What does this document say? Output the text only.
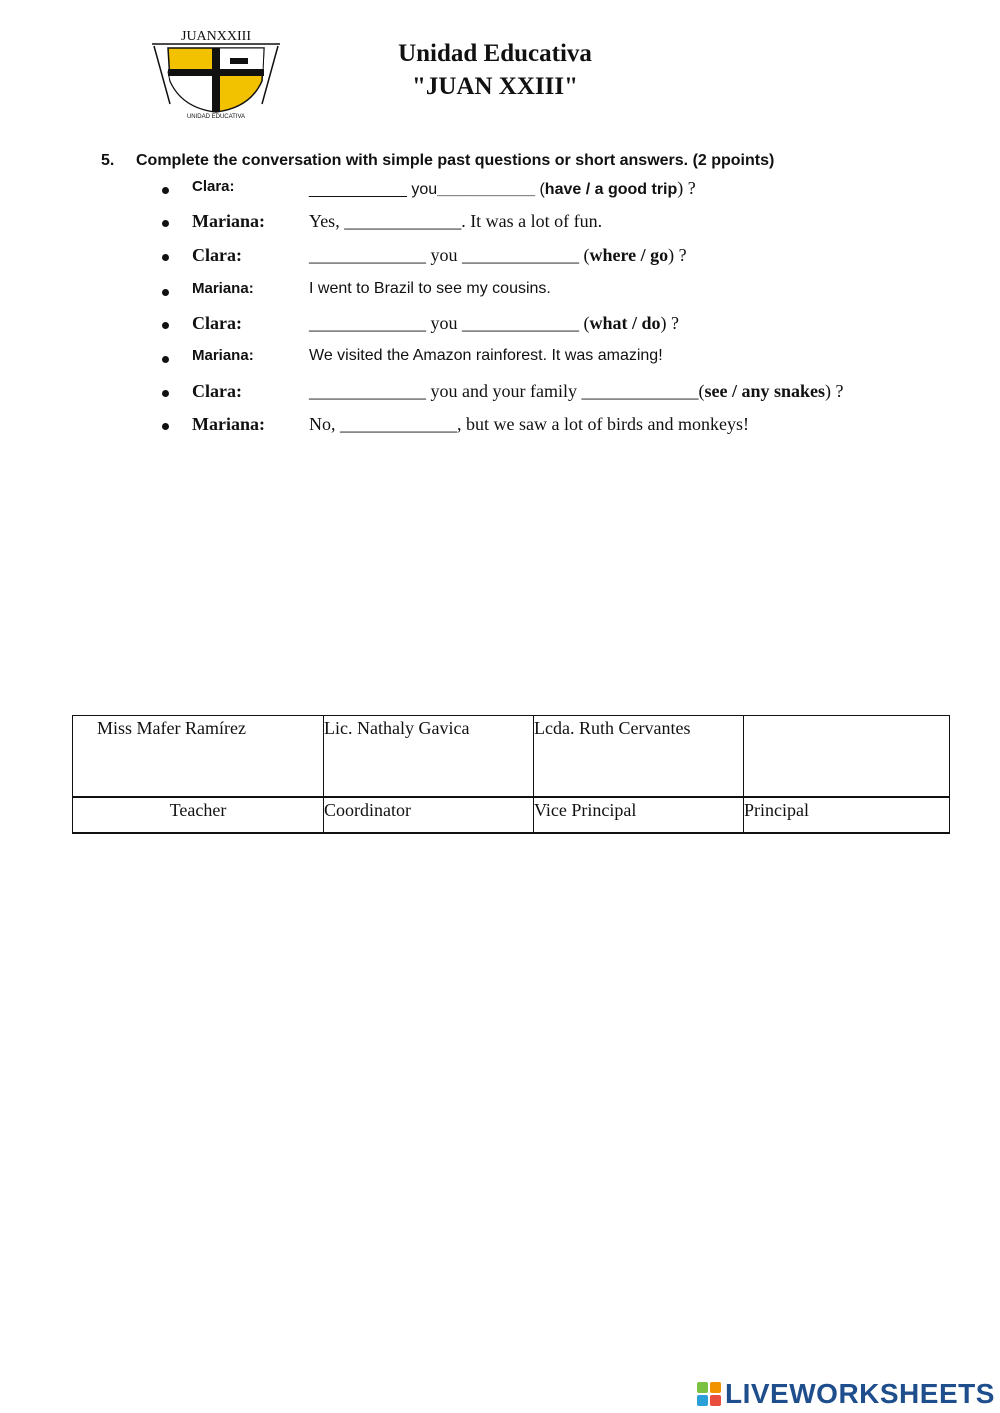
JUANXXIII
UNIDAD EDUCATIVA
Unidad Educativa
"JUAN XXIII"
5. Complete the conversation with simple past questions or short answers. (2 ppoints)
Clara:	___________ you___________ (have / a good trip) ?
Mariana: Yes, _____________. It was a lot of fun.
Clara:	_____________ you _____________ (where / go) ?
Mariana:	I went to Brazil to see my cousins.
Clara:	_____________ you _____________ (what / do) ?
Mariana:	We visited the Amazon rainforest. It was amazing!
Clara:	_____________ you and your family _____________(see / any snakes) ?
Mariana: No, _____________, but we saw a lot of birds and monkeys!
Miss Mafer Ramírez	Lic. Nathaly Gavica	Lcda. Ruth Cervantes	

Teacher	Coordinator	Vice Principal	Principal
LIVEWORKSHEETS
